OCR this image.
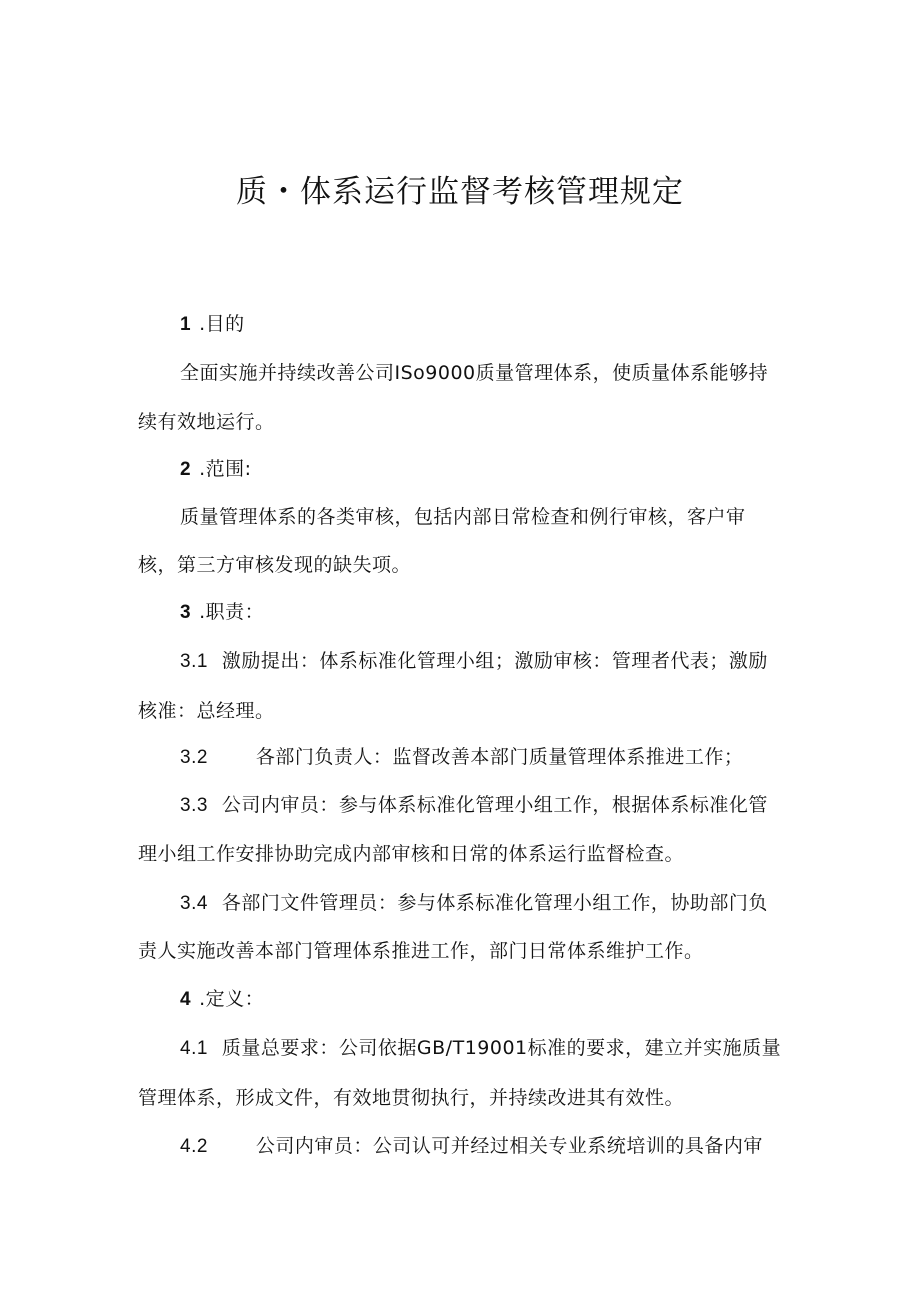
质・体系运行监督考核管理规定
1 .目的
全面实施并持续改善公司ISo9000质量管理体系，使质量体系能够持
续有效地运行。
2 .范围:
质量管理体系的各类审核，包括内部日常检查和例行审核，客户审
核，第三方审核发现的缺失项。
3 .职责：
3.1 激励提出：体系标准化管理小组；激励审核：管理者代表；激励
核准：总经理。
3.2	各部门负责人：监督改善本部门质量管理体系推进工作；
3.3 公司内审员：参与体系标准化管理小组工作，根据体系标准化管
理小组工作安排协助完成内部审核和日常的体系运行监督检查。
3.4 各部门文件管理员：参与体系标准化管理小组工作，协助部门负
责人实施改善本部门管理体系推进工作，部门日常体系维护工作。
4 .定义：
4.1 质量总要求：公司依据GB/T19001标准的要求，建立并实施质量
管理体系，形成文件，有效地贯彻执行，并持续改进其有效性。
4.2	公司内审员：公司认可并经过相关专业系统培训的具备内审
